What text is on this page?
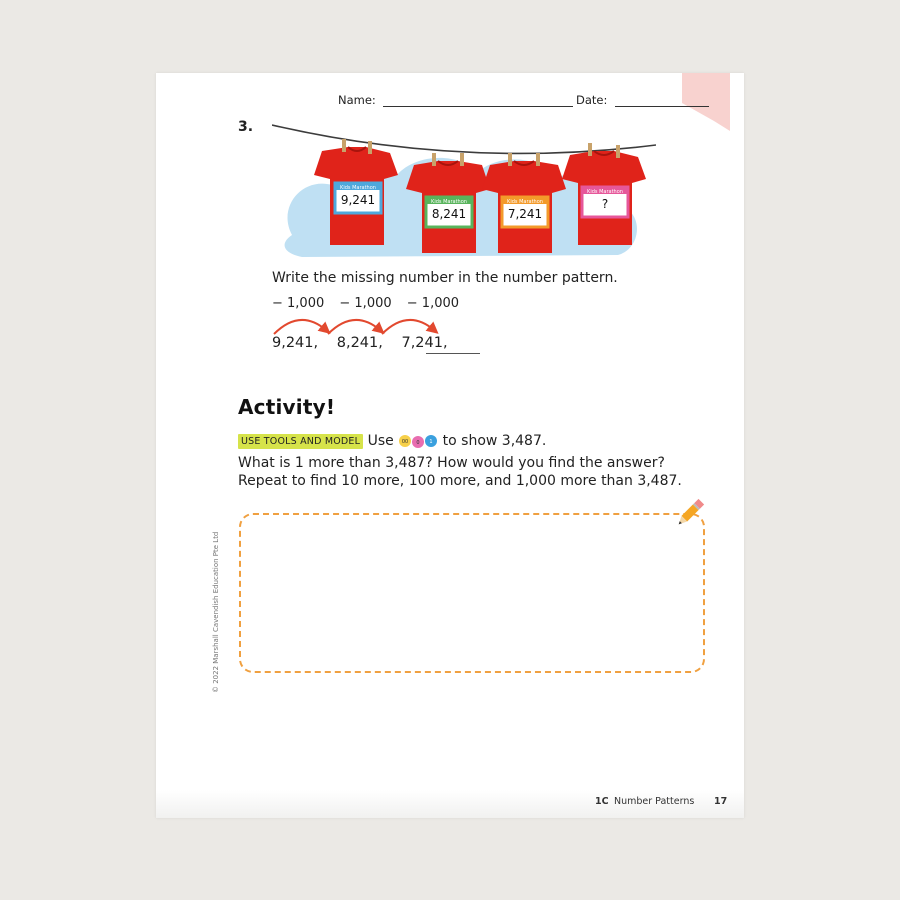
Name:	Date:
3.
Kids Marathon
9,241	Kids Marathon
8,241
Kids Marathon
7,241
Kids Marathon
?
Write the missing number in the number pattern.
− 1,000 − 1,000 − 1,000
9,241, 8,241, 7,241,
Activity!
USE TOOLS AND MODEL Use 00 0 1 to show 3,487.
What is 1 more than 3,487? How would you find the answer?
Repeat to find 10 more, 100 more, and 1,000 more than 3,487.
© 2022 Marshall Cavendish Education Pte Ltd
1C Number Patterns 17
